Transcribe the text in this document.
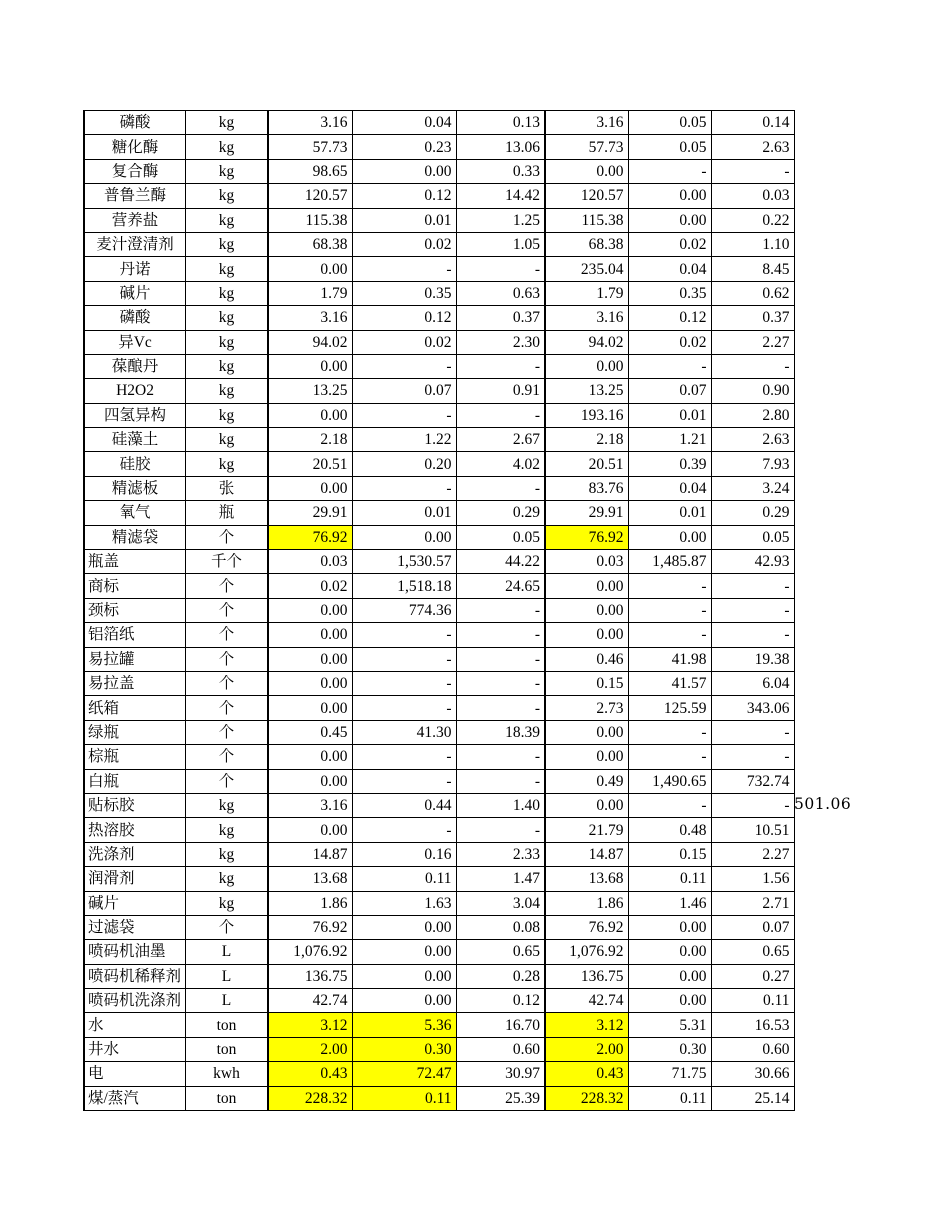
磷酸	kg	3.16	0.04	0.13	3.16	0.05	0.14
糖化酶	kg	57.73	0.23	13.06	57.73	0.05	2.63
复合酶	kg	98.65	0.00	0.33	0.00	-	-
普鲁兰酶	kg	120.57	0.12	14.42	120.57	0.00	0.03
营养盐	kg	115.38	0.01	1.25	115.38	0.00	0.22
麦汁澄清剂	kg	68.38	0.02	1.05	68.38	0.02	1.10
丹诺	kg	0.00	-	-	235.04	0.04	8.45
碱片	kg	1.79	0.35	0.63	1.79	0.35	0.62
磷酸	kg	3.16	0.12	0.37	3.16	0.12	0.37
异Vc	kg	94.02	0.02	2.30	94.02	0.02	2.27
葆酿丹	kg	0.00	-	-	0.00	-	-
H2O2	kg	13.25	0.07	0.91	13.25	0.07	0.90
四氢异构	kg	0.00	-	-	193.16	0.01	2.80
硅藻土	kg	2.18	1.22	2.67	2.18	1.21	2.63
硅胶	kg	20.51	0.20	4.02	20.51	0.39	7.93
精滤板	张	0.00	-	-	83.76	0.04	3.24
氧气	瓶	29.91	0.01	0.29	29.91	0.01	0.29
精滤袋	个	76.92	0.00	0.05	76.92	0.00	0.05
瓶盖	千个	0.03	1,530.57	44.22	0.03	1,485.87	42.93
商标	个	0.02	1,518.18	24.65	0.00	-	-
颈标	个	0.00	774.36	-	0.00	-	-
铝箔纸	个	0.00	-	-	0.00	-	-
易拉罐	个	0.00	-	-	0.46	41.98	19.38
易拉盖	个	0.00	-	-	0.15	41.57	6.04
纸箱	个	0.00	-	-	2.73	125.59	343.06
绿瓶	个	0.45	41.30	18.39	0.00	-	-
棕瓶	个	0.00	-	-	0.00	-	-
白瓶	个	0.00	-	-	0.49	1,490.65	732.74
贴标胶	kg	3.16	0.44	1.40	0.00	-	-
热溶胶	kg	0.00	-	-	21.79	0.48	10.51
洗涤剂	kg	14.87	0.16	2.33	14.87	0.15	2.27
润滑剂	kg	13.68	0.11	1.47	13.68	0.11	1.56
碱片	kg	1.86	1.63	3.04	1.86	1.46	2.71
过滤袋	个	76.92	0.00	0.08	76.92	0.00	0.07
喷码机油墨	L	1,076.92	0.00	0.65	1,076.92	0.00	0.65
喷码机稀释剂	L	136.75	0.00	0.28	136.75	0.00	0.27
喷码机洗涤剂	L	42.74	0.00	0.12	42.74	0.00	0.11
水	ton	3.12	5.36	16.70	3.12	5.31	16.53
井水	ton	2.00	0.30	0.60	2.00	0.30	0.60
电	kwh	0.43	72.47	30.97	0.43	71.75	30.66
煤/蒸汽	ton	228.32	0.11	25.39	228.32	0.11	25.14
501.06
